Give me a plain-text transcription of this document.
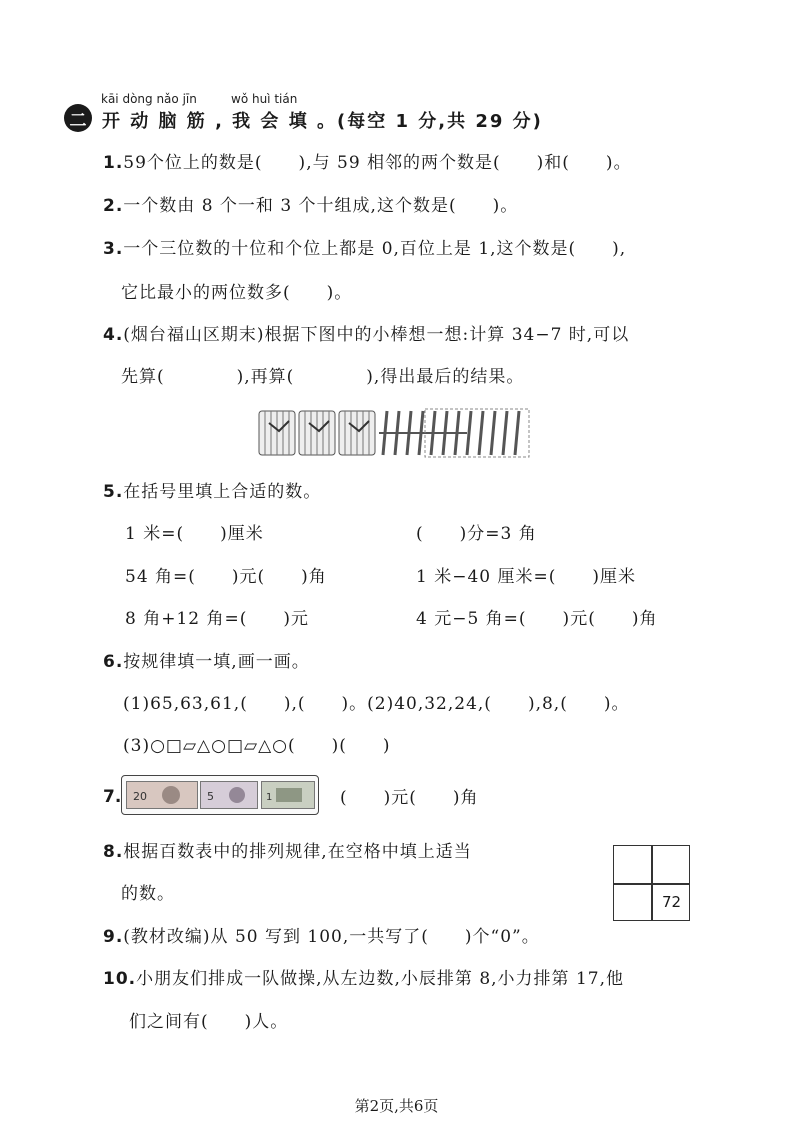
二
kāi dòng nǎo jīn	wǒ huì tián
开 动 脑 筋 , 我 会 填 。(每空 1 分,共 29 分)
1. 59个位上的数是(　　),与 59 相邻的两个数是(　　)和(　　)。
2. 一个数由 8 个一和 3 个十组成,这个数是(　　)。
3. 一个三位数的十位和个位上都是 0,百位上是 1,这个数是(　　),
它比最小的两位数多(　　)。
4. (烟台福山区期末)根据下图中的小棒想一想:计算 34−7 时,可以
先算(　　　　),再算(　　　　),得出最后的结果。
5. 在括号里填上合适的数。
1 米=(　　)厘米	(　　)分=3 角
54 角=(　　)元(　　)角	1 米−40 厘米=(　　)厘米
8 角+12 角=(　　)元	4 元−5 角=(　　)元(　　)角
6. 按规律填一填,画一画。
(1)65,63,61,(　　),(　　)。(2)40,32,24,(　　),8,(　　)。
(3)○□▱△○□▱△○(　　)(　　)
7. 20	5	1	(　　)元(　　)角
8. 根据百数表中的排列规律,在空格中填上适当
的数。	72
9. (教材改编)从 50 写到 100,一共写了(　　)个“0”。
10. 小朋友们排成一队做操,从左边数,小辰排第 8,小力排第 17,他
们之间有(　　)人。
第2页,共6页
